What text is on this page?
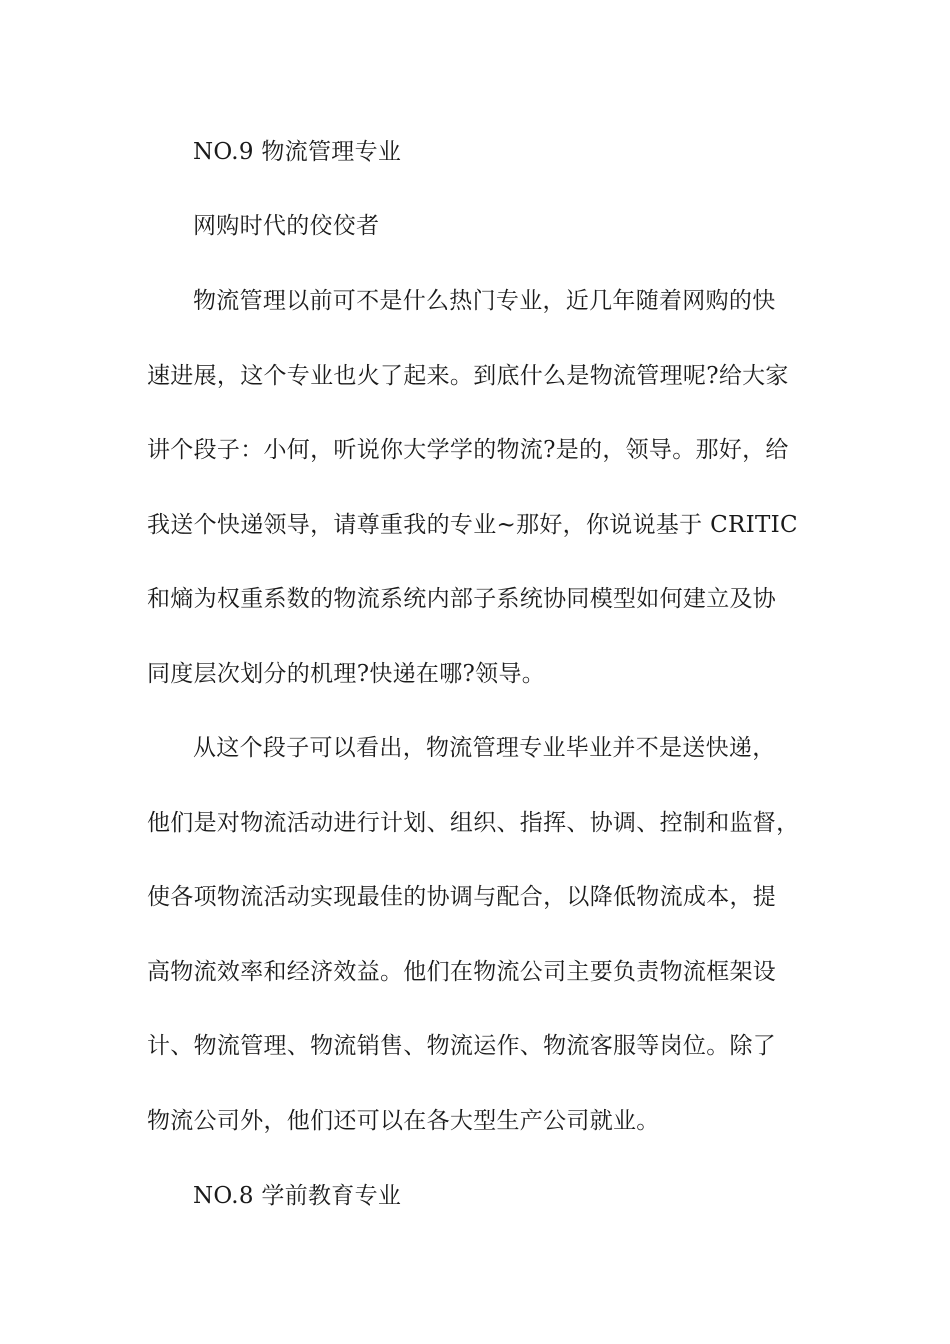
NO.9 物流管理专业
网购时代的佼佼者
物流管理以前可不是什么热门专业，近几年随着网购的快
速进展，这个专业也火了起来。到底什么是物流管理呢?给大家
讲个段子：小何，听说你大学学的物流?是的，领导。那好，给
我送个快递领导，请尊重我的专业~那好，你说说基于 CRITIC
和熵为权重系数的物流系统内部子系统协同模型如何建立及协
同度层次划分的机理?快递在哪?领导。
从这个段子可以看出，物流管理专业毕业并不是送快递，
他们是对物流活动进行计划、组织、指挥、协调、控制和监督，
使各项物流活动实现最佳的协调与配合，以降低物流成本，提
高物流效率和经济效益。他们在物流公司主要负责物流框架设
计、物流管理、物流销售、物流运作、物流客服等岗位。除了
物流公司外，他们还可以在各大型生产公司就业。
NO.8 学前教育专业
